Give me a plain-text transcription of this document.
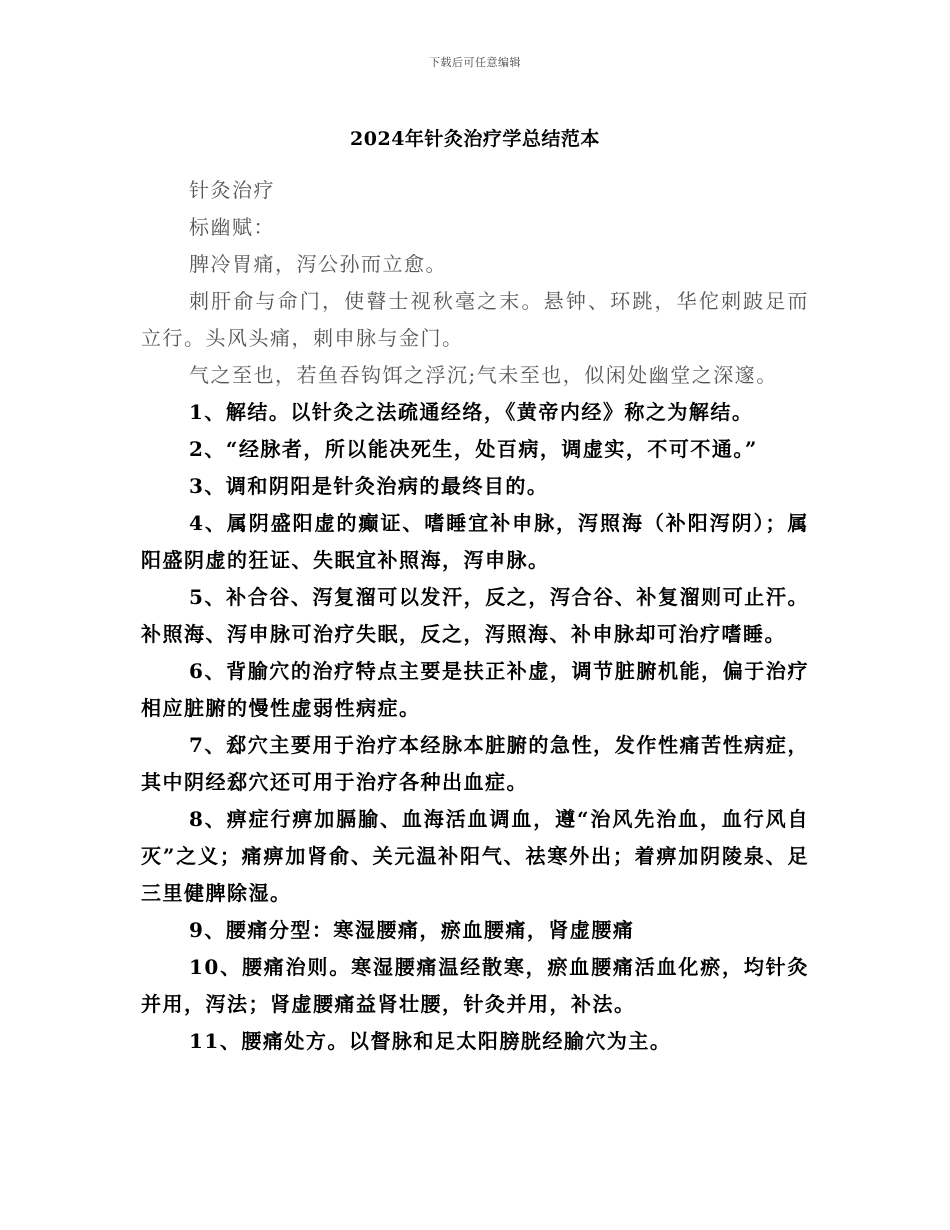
下载后可任意编辑
2024年针灸治疗学总结范本

针灸治疗

标幽赋：

脾冷胃痛，泻公孙而立愈。

刺肝俞与命门，使瞽士视秋毫之末。悬钟、环跳，华佗刺跛足而立行。头风头痛，刺申脉与金门。

气之至也，若鱼吞钩饵之浮沉;气未至也，似闲处幽堂之深邃。

1、解结。以针灸之法疏通经络，《黄帝内经》称之为解结。

2、“经脉者，所以能决死生，处百病，调虚实，不可不通。”

3、调和阴阳是针灸治病的最终目的。

4、属阴盛阳虚的癫证、嗜睡宜补申脉，泻照海（补阳泻阴）；属阳盛阴虚的狂证、失眠宜补照海，泻申脉。

5、补合谷、泻复溜可以发汗，反之，泻合谷、补复溜则可止汗。补照海、泻申脉可治疗失眠，反之，泻照海、补申脉却可治疗嗜睡。

6、背腧穴的治疗特点主要是扶正补虚，调节脏腑机能，偏于治疗相应脏腑的慢性虚弱性病症。

7、郄穴主要用于治疗本经脉本脏腑的急性，发作性痛苦性病症，其中阴经郄穴还可用于治疗各种出血症。

8、痹症行痹加膈腧、血海活血调血，遵“治风先治血，血行风自灭”之义；痛痹加肾俞、关元温补阳气、祛寒外出；着痹加阴陵泉、足三里健脾除湿。

9、腰痛分型：寒湿腰痛，瘀血腰痛，肾虚腰痛

10、腰痛治则。寒湿腰痛温经散寒，瘀血腰痛活血化瘀，均针灸并用，泻法；肾虚腰痛益肾壮腰，针灸并用，补法。

11、腰痛处方。以督脉和足太阳膀胱经腧穴为主。
